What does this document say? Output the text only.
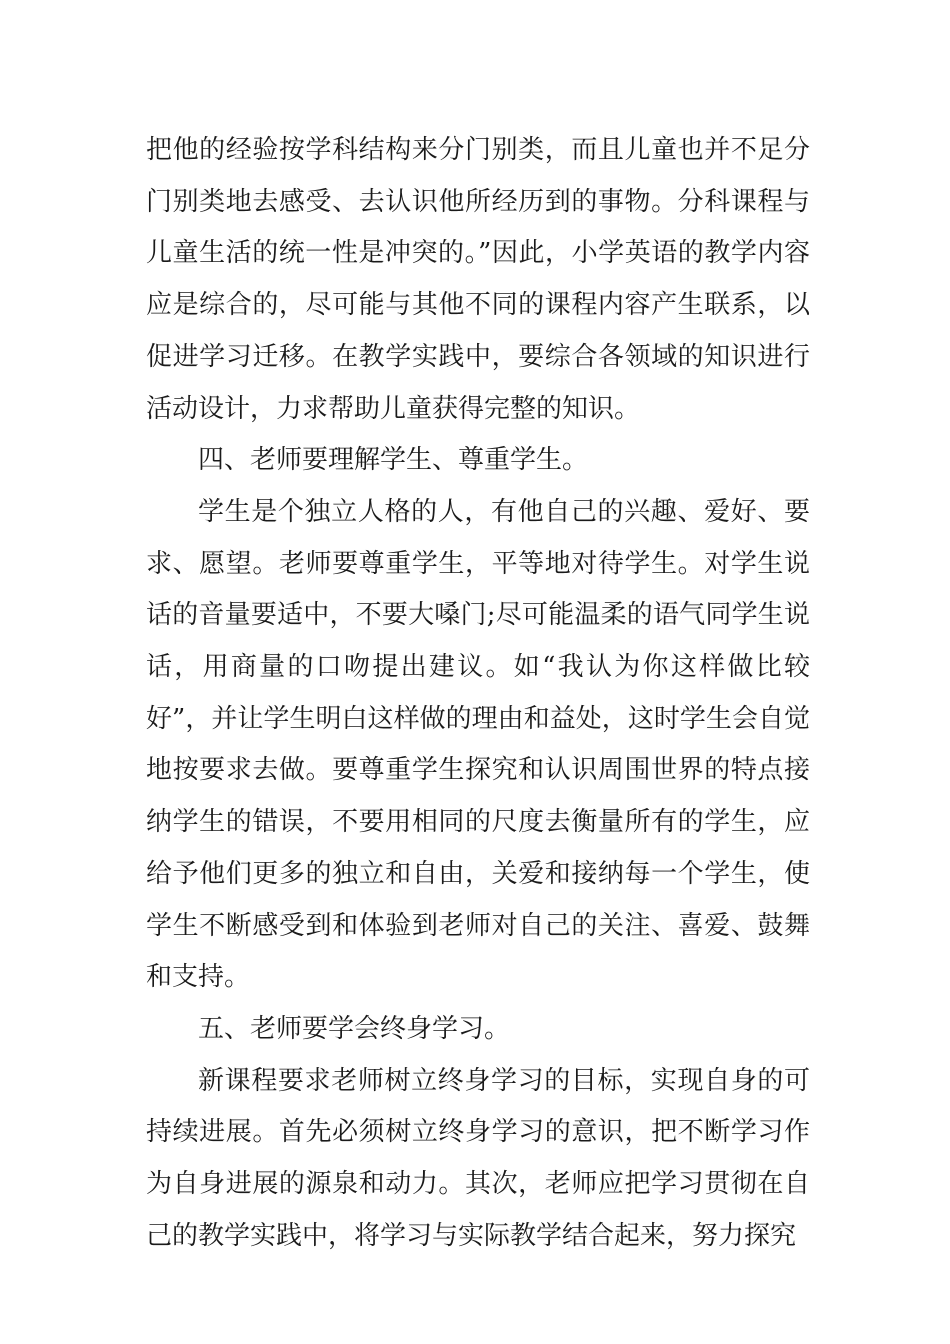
把他的经验按学科结构来分门别类，而且儿童也并不足分门别类地去感受、去认识他所经历到的事物。分科课程与儿童生活的统一性是冲突的。”因此，小学英语的教学内容应是综合的，尽可能与其他不同的课程内容产生联系，以促进学习迁移。在教学实践中，要综合各领域的知识进行活动设计，力求帮助儿童获得完整的知识。

四、老师要理解学生、尊重学生。

学生是个独立人格的人，有他自己的兴趣、爱好、要求、愿望。老师要尊重学生，平等地对待学生。对学生说话的音量要适中，不要大嗓门;尽可能温柔的语气同学生说话，用商量的口吻提出建议。如“我认为你这样做比较好”，并让学生明白这样做的理由和益处，这时学生会自觉地按要求去做。要尊重学生探究和认识周围世界的特点接纳学生的错误，不要用相同的尺度去衡量所有的学生，应给予他们更多的独立和自由，关爱和接纳每一个学生，使学生不断感受到和体验到老师对自己的关注、喜爱、鼓舞和支持。

五、老师要学会终身学习。

新课程要求老师树立终身学习的目标，实现自身的可持续进展。首先必须树立终身学习的意识，把不断学习作为自身进展的源泉和动力。其次，老师应把学习贯彻在自己的教学实践中，将学习与实际教学结合起来，努力探究
